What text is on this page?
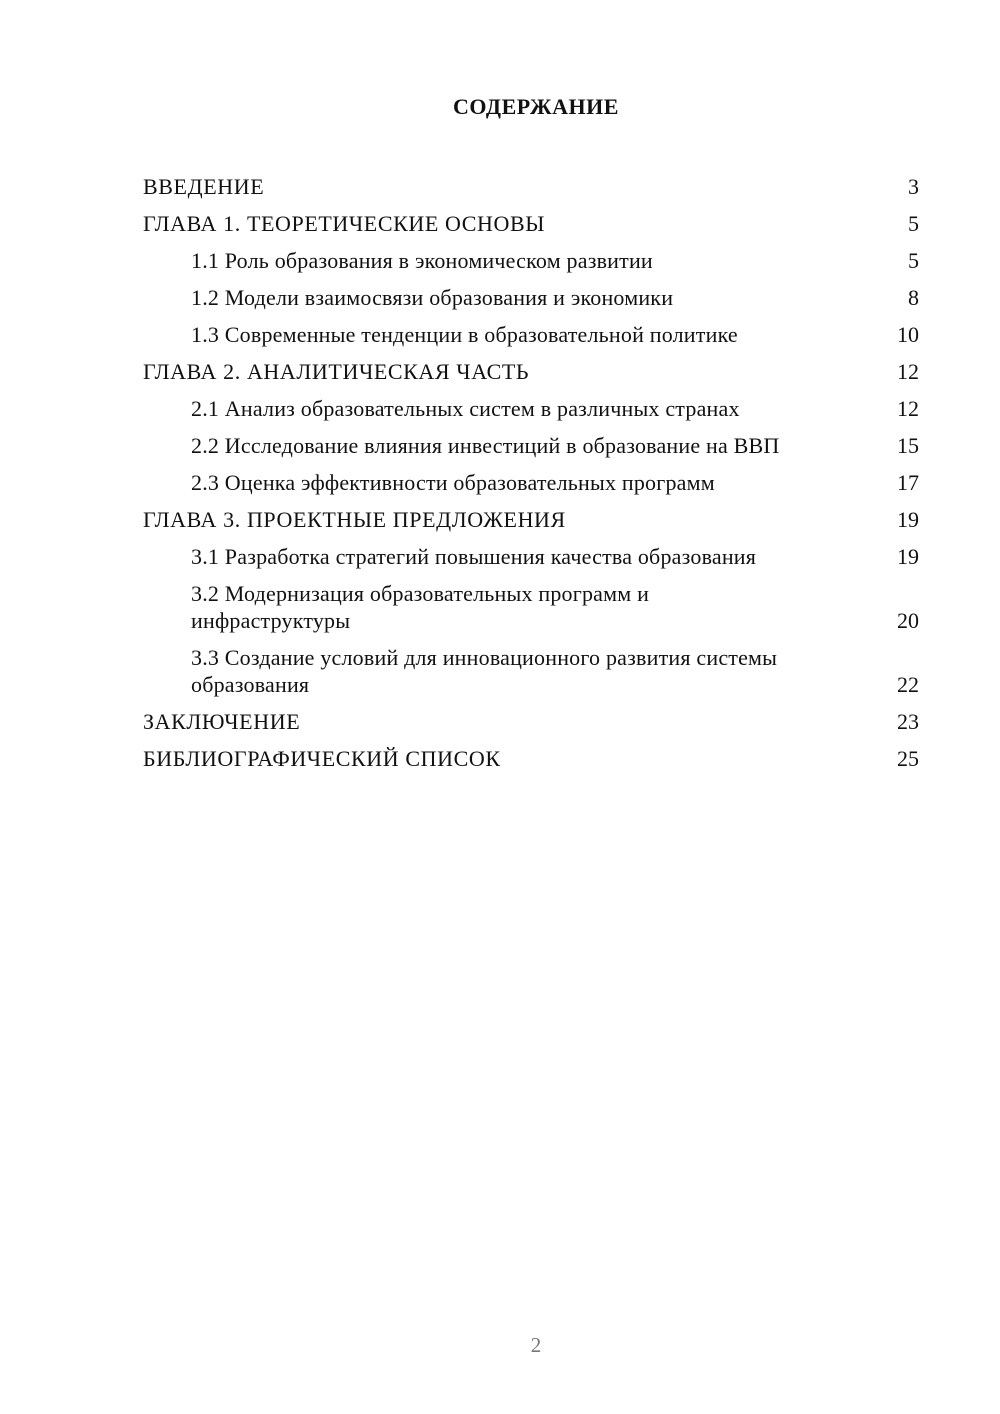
СОДЕРЖАНИЕ
ВВЕДЕНИЕ	3
ГЛАВА 1. ТЕОРЕТИЧЕСКИЕ ОСНОВЫ	5
1.1 Роль образования в экономическом развитии	5
1.2 Модели взаимосвязи образования и экономики	8
1.3 Современные тенденции в образовательной политике	10
ГЛАВА 2. АНАЛИТИЧЕСКАЯ ЧАСТЬ	12
2.1 Анализ образовательных систем в различных странах	12
2.2 Исследование влияния инвестиций в образование на ВВП	15
2.3 Оценка эффективности образовательных программ	17
ГЛАВА 3. ПРОЕКТНЫЕ ПРЕДЛОЖЕНИЯ	19
3.1 Разработка стратегий повышения качества образования	19
3.2 Модернизация образовательных программ и инфраструктуры	20
3.3 Создание условий для инновационного развития системы образования	22
ЗАКЛЮЧЕНИЕ	23
БИБЛИОГРАФИЧЕСКИЙ СПИСОК	25
2
